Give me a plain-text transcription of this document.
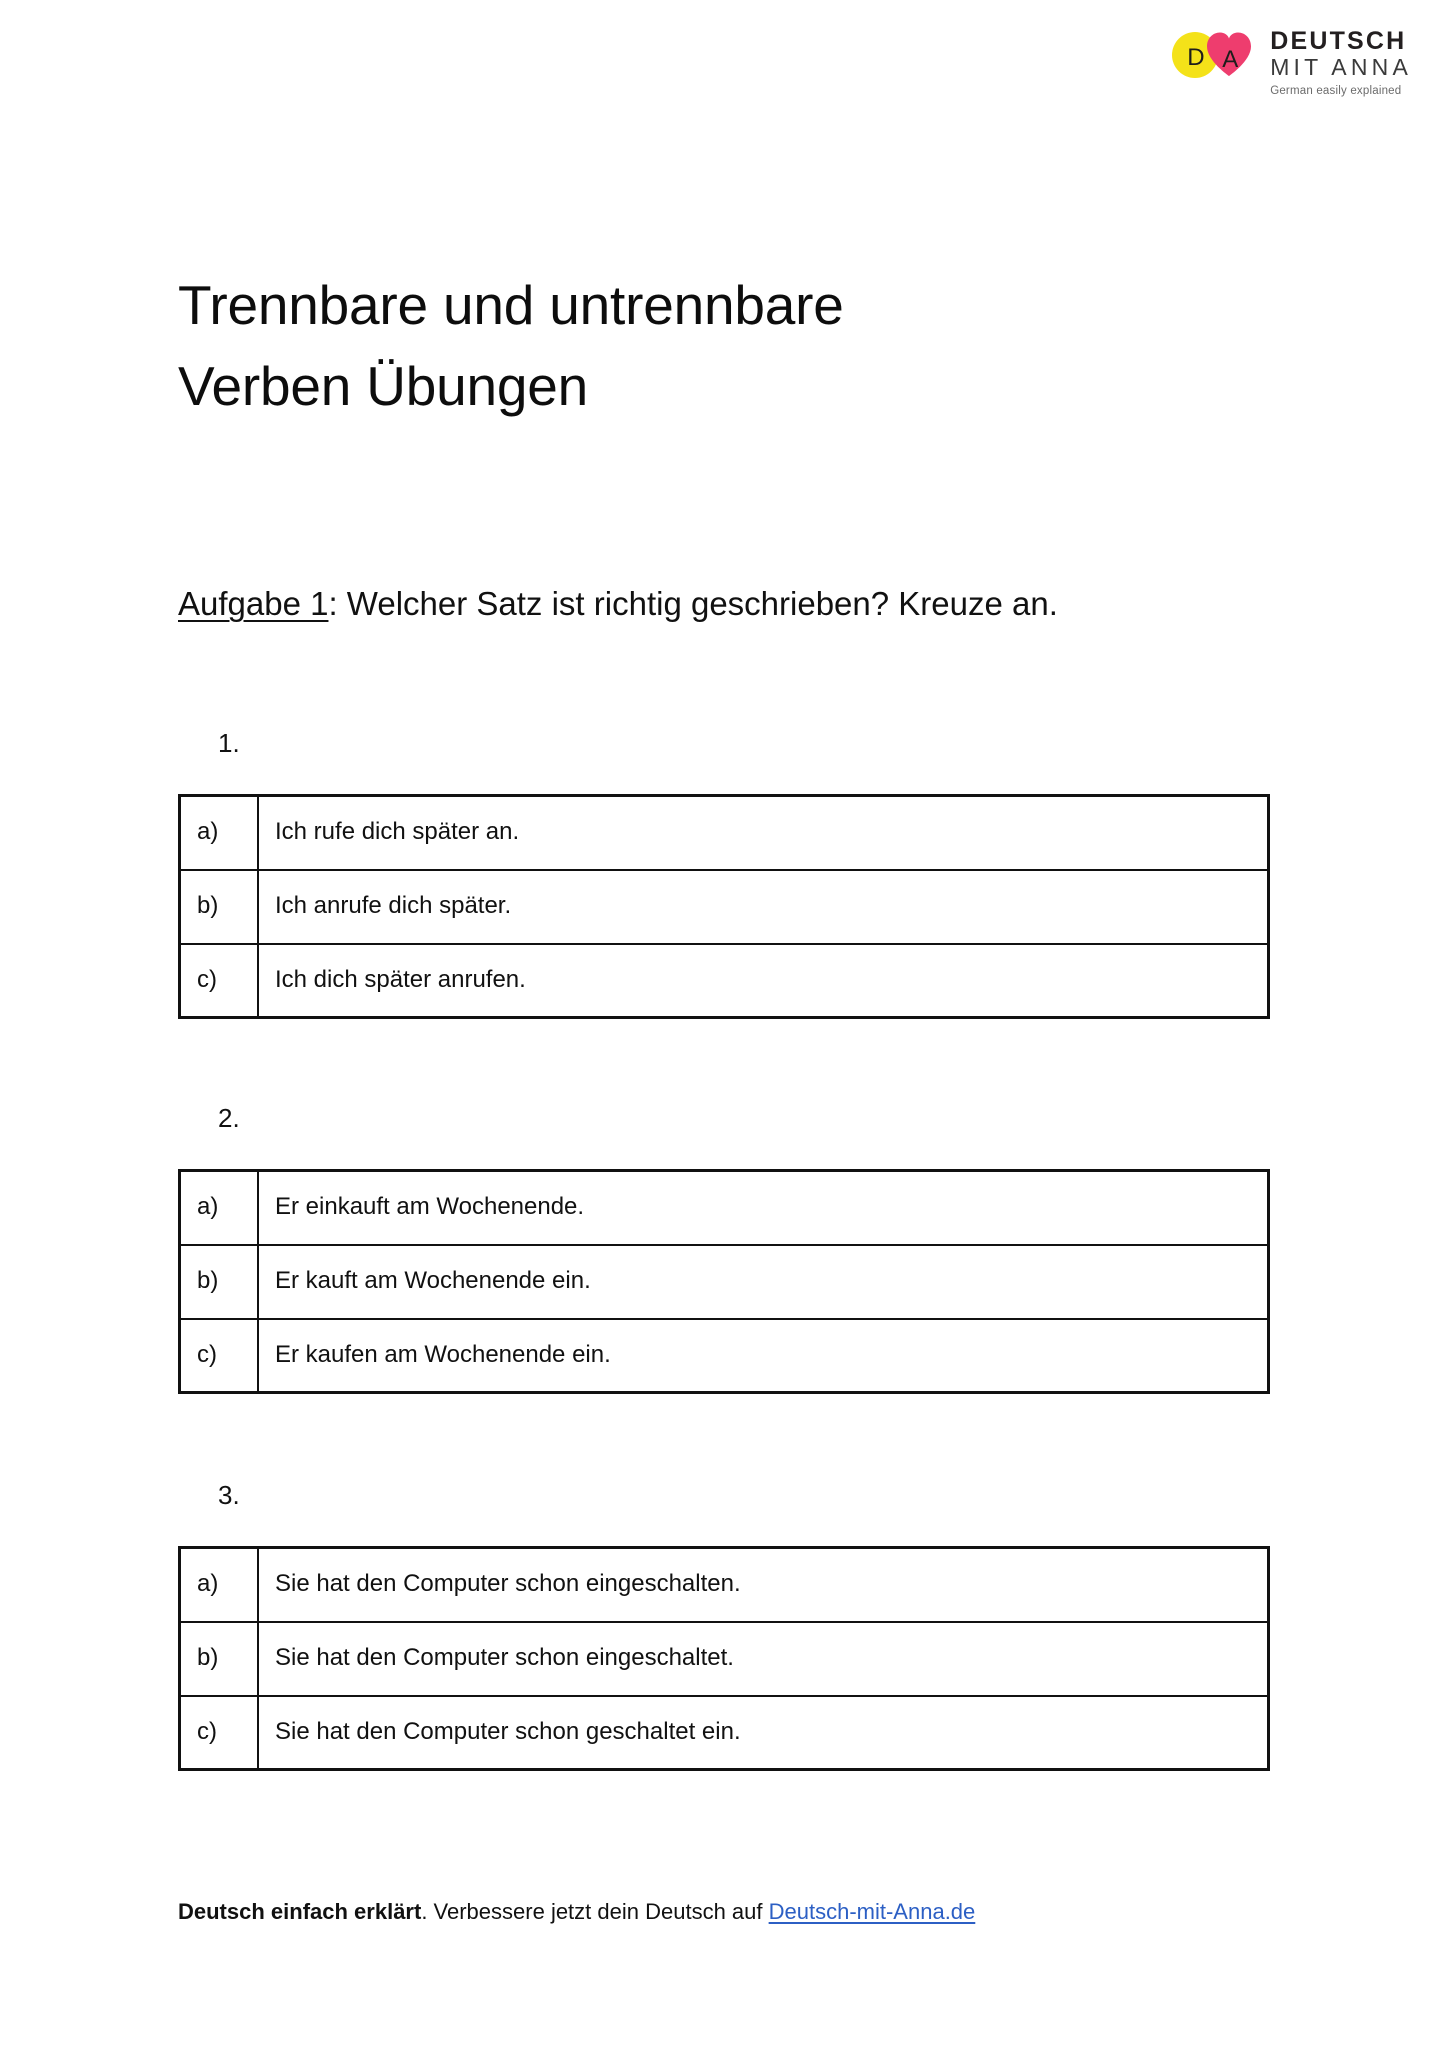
D A
DEUTSCH
MIT ANNA
German easily explained
Trennbare und untrennbare
Verben Übungen

Aufgabe 1: Welcher Satz ist richtig geschrieben? Kreuze an.

1.
a)	Ich rufe dich später an.
b)	Ich anrufe dich später.
c)	Ich dich später anrufen.
2.
a)	Er einkauft am Wochenende.
b)	Er kauft am Wochenende ein.
c)	Er kaufen am Wochenende ein.
3.
a)	Sie hat den Computer schon eingeschalten.
b)	Sie hat den Computer schon eingeschaltet.
c)	Sie hat den Computer schon geschaltet ein.
Deutsch einfach erklärt. Verbessere jetzt dein Deutsch auf Deutsch-mit-Anna.de
